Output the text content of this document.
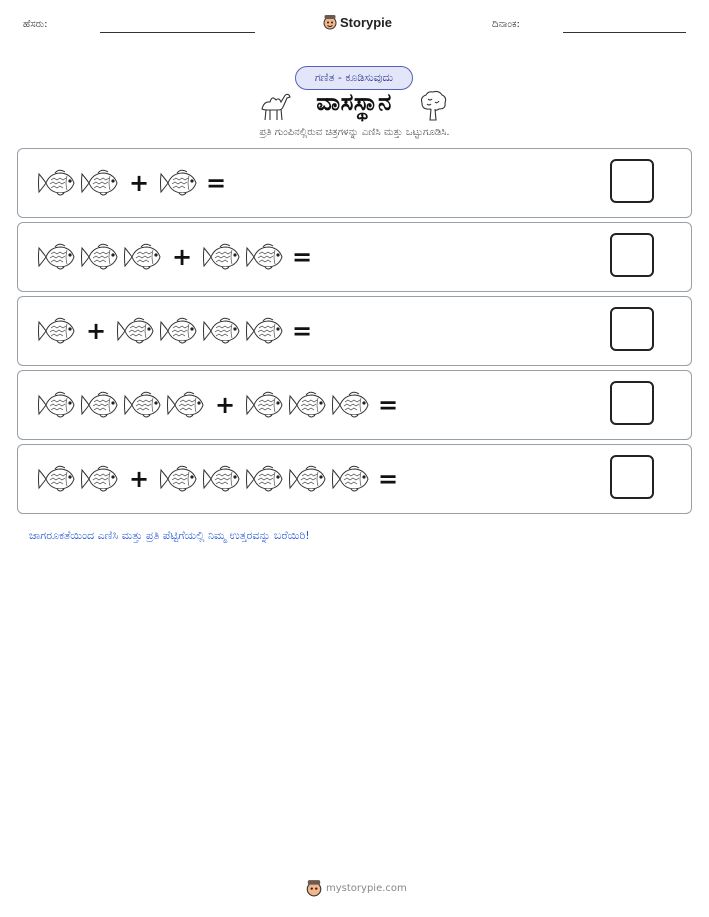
ಹೆಸರು:	Storypie	ದಿನಾಂಕ:
ಗಣಿತ - ಕೂಡಿಸುವುದು
ವಾಸಸ್ಥಾನ
ಪ್ರತಿ ಗುಂಪಿನಲ್ಲಿರುವ ಚಿತ್ರಗಳನ್ನು ಎಣಿಸಿ ಮತ್ತು ಒಟ್ಟುಗೂಡಿಸಿ.
+ =
+	=
+	=
+	=
+	=
ಜಾಗರೂಕತೆಯಿಂದ ಎಣಿಸಿ ಮತ್ತು ಪ್ರತಿ ಪೆಟ್ಟಿಗೆಯಲ್ಲಿ ನಿಮ್ಮ ಉತ್ತರವನ್ನು ಬರೆಯಿರಿ!
mystorypie.com
